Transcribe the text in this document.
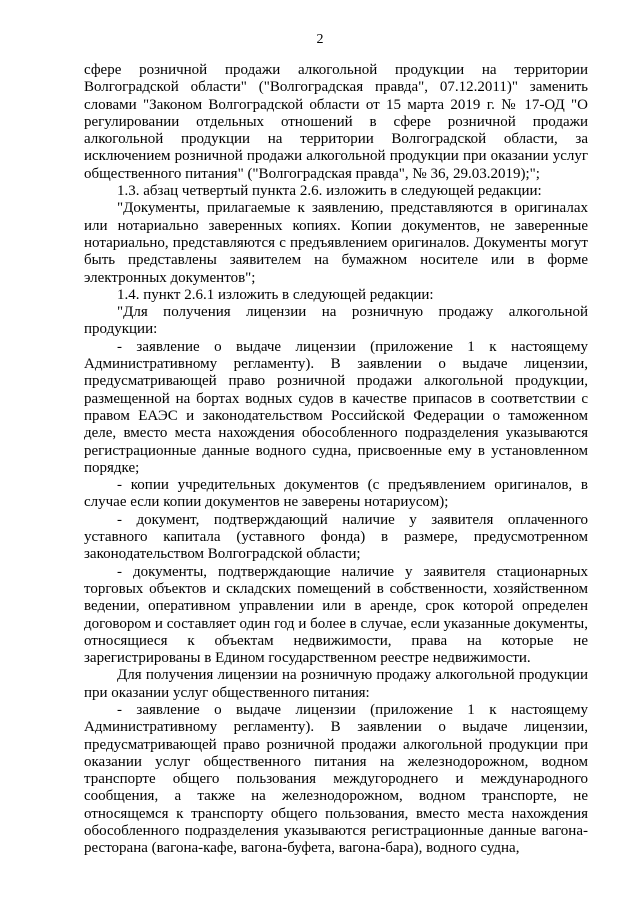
2

сфере розничной продажи алкогольной продукции на территории Волгоградской области" ("Волгоградская правда", 07.12.2011)" заменить словами "Законом Волгоградской области от 15 марта 2019 г. № 17-ОД "О регулировании отдельных отношений в сфере розничной продажи алкогольной продукции на территории Волгоградской области, за исключением розничной продажи алкогольной продукции при оказании услуг общественного питания" ("Волгоградская правда", № 36, 29.03.2019);";

1.3. абзац четвертый пункта 2.6. изложить в следующей редакции:

"Документы, прилагаемые к заявлению, представляются в оригиналах или нотариально заверенных копиях. Копии документов, не заверенные нотариально, представляются с предъявлением оригиналов. Документы могут быть представлены заявителем на бумажном носителе или в форме электронных документов";

1.4. пункт 2.6.1 изложить в следующей редакции:

"Для получения лицензии на розничную продажу алкогольной продукции:

- заявление о выдаче лицензии (приложение 1 к настоящему Административному регламенту). В заявлении о выдаче лицензии, предусматривающей право розничной продажи алкогольной продукции, размещенной на бортах водных судов в качестве припасов в соответствии с правом ЕАЭС и законодательством Российской Федерации о таможенном деле, вместо места нахождения обособленного подразделения указываются регистрационные данные водного судна, присвоенные ему в установленном порядке;

- копии учредительных документов (с предъявлением оригиналов, в случае если копии документов не заверены нотариусом);

- документ, подтверждающий наличие у заявителя оплаченного уставного капитала (уставного фонда) в размере, предусмотренном законодательством Волгоградской области;

- документы, подтверждающие наличие у заявителя стационарных торговых объектов и складских помещений в собственности, хозяйственном ведении, оперативном управлении или в аренде, срок которой определен договором и составляет один год и более в случае, если указанные документы, относящиеся к объектам недвижимости, права на которые не зарегистрированы в Едином государственном реестре недвижимости.

Для получения лицензии на розничную продажу алкогольной продукции при оказании услуг общественного питания:

- заявление о выдаче лицензии (приложение 1 к настоящему Административному регламенту). В заявлении о выдаче лицензии, предусматривающей право розничной продажи алкогольной продукции при оказании услуг общественного питания на железнодорожном, водном транспорте общего пользования междугороднего и международного сообщения, а также на железнодорожном, водном транспорте, не относящемся к транспорту общего пользования, вместо места нахождения обособленного подразделения указываются регистрационные данные вагона-ресторана (вагона-кафе, вагона-буфета, вагона-бара), водного судна,
